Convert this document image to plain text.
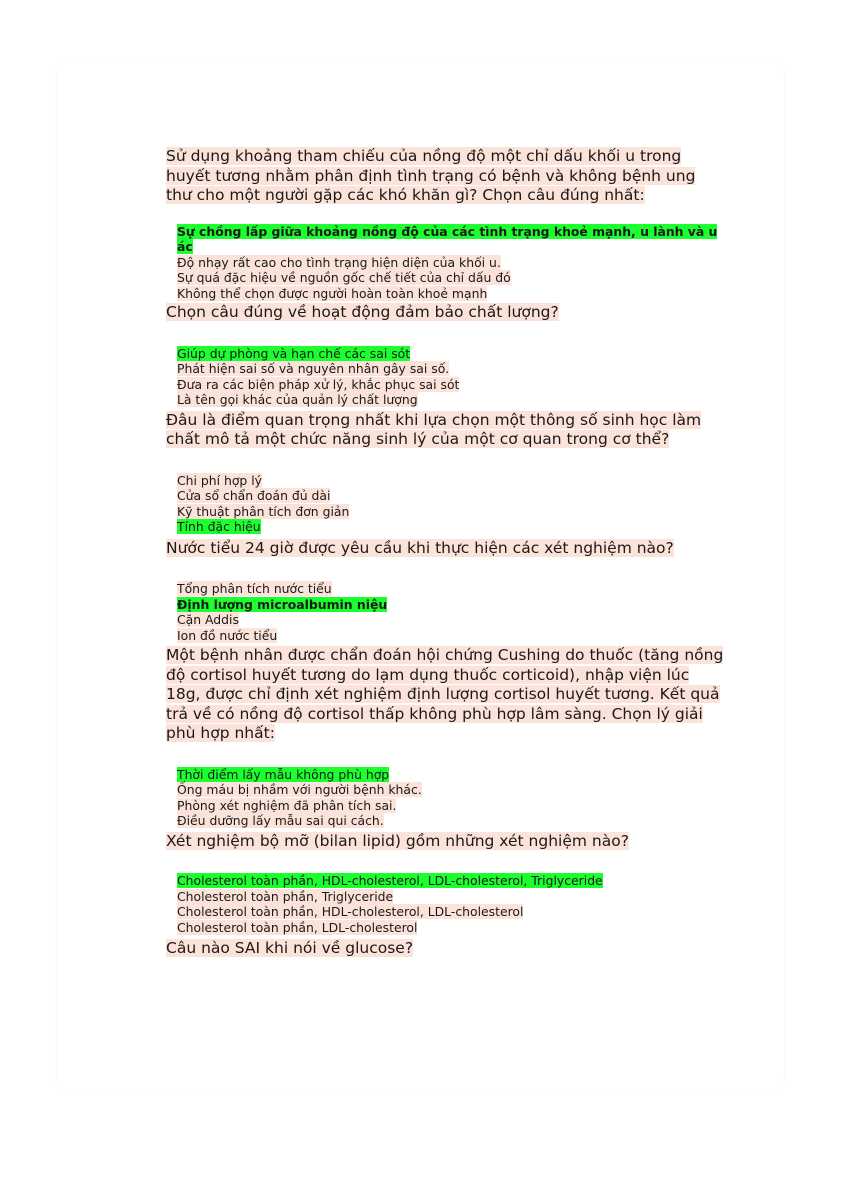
Sử dụng khoảng tham chiếu của nồng độ một chỉ dấu khối u trong huyết tương nhằm phân định tình trạng có bệnh và không bệnh ung thư cho một người gặp các khó khăn gì? Chọn câu đúng nhất:

Sự chồng lấp giữa khoảng nồng độ của các tình trạng khoẻ mạnh, u lành và u ác
Độ nhạy rất cao cho tình trạng hiện diện của khối u.
Sự quá đặc hiệu về nguồn gốc chế tiết của chỉ dấu đó
Không thể chọn được người hoàn toàn khoẻ mạnh

Chọn câu đúng về hoạt động đảm bảo chất lượng?

Giúp dự phòng và hạn chế các sai sót
Phát hiện sai số và nguyên nhân gây sai số.
Đưa ra các biện pháp xử lý, khắc phục sai sót
Là tên gọi khác của quản lý chất lượng

Đâu là điểm quan trọng nhất khi lựa chọn một thông số sinh học làm chất mô tả một chức năng sinh lý của một cơ quan trong cơ thể?

Chi phí hợp lý
Cửa sổ chẩn đoán đủ dài
Kỹ thuật phân tích đơn giản
Tính đặc hiệu

Nước tiểu 24 giờ được yêu cầu khi thực hiện các xét nghiệm nào?

Tổng phân tích nước tiểu
Định lượng microalbumin niệu
Cặn Addis
Ion đồ nước tiểu

Một bệnh nhân được chẩn đoán hội chứng Cushing do thuốc (tăng nồng độ cortisol huyết tương do lạm dụng thuốc corticoid), nhập viện lúc 18g, được chỉ định xét nghiệm định lượng cortisol huyết tương. Kết quả trả về có nồng độ cortisol thấp không phù hợp lâm sàng. Chọn lý giải phù hợp nhất:

Thời điểm lấy mẫu không phù hợp
Ống máu bị nhầm với người bệnh khác.
Phòng xét nghiệm đã phân tích sai.
Điều dưỡng lấy mẫu sai qui cách.

Xét nghiệm bộ mỡ (bilan lipid) gồm những xét nghiệm nào?

Cholesterol toàn phần, HDL-cholesterol, LDL-cholesterol, Triglyceride
Cholesterol toàn phần, Triglyceride
Cholesterol toàn phần, HDL-cholesterol, LDL-cholesterol
Cholesterol toàn phần, LDL-cholesterol

Câu nào SAI khi nói về glucose?
